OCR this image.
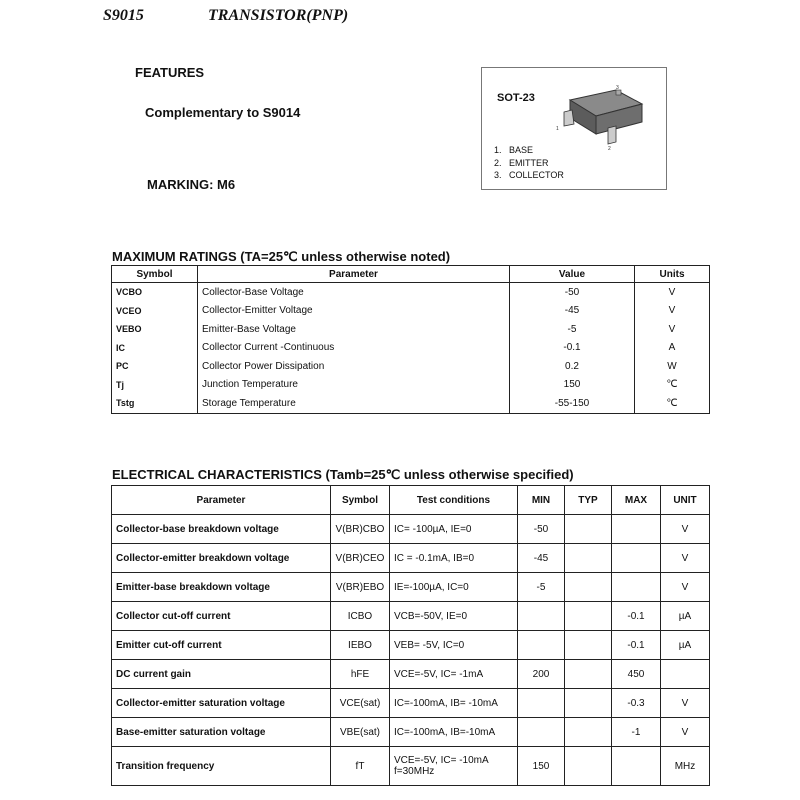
S9015	TRANSISTOR(PNP)
FEATURES
Complementary to S9014
MARKING: M6
SOT-23
3
1
2
1. BASE
2. EMITTER
3. COLLECTOR
MAXIMUM RATINGS (TA=25℃ unless otherwise noted)
Symbol	Parameter	Value	Units
VCBO	Collector-Base Voltage	-50	V
VCEO	Collector-Emitter Voltage	-45	V
VEBO	Emitter-Base Voltage	-5	V
IC	Collector Current -Continuous	-0.1	A
PC	Collector Power Dissipation	0.2	W
Tj	Junction Temperature	150	℃
Tstg	Storage Temperature	-55-150	℃
ELECTRICAL CHARACTERISTICS (Tamb=25℃ unless otherwise specified)
Parameter	Symbol	Test conditions	MIN	TYP	MAX	UNIT
Collector-base breakdown voltage	V(BR)CBO	IC= -100µA, IE=0	-50			V
Collector-emitter breakdown voltage	V(BR)CEO	IC = -0.1mA, IB=0	-45			V
Emitter-base breakdown voltage	V(BR)EBO	IE=-100µA, IC=0	-5			V
Collector cut-off current	ICBO	VCB=-50V, IE=0			-0.1	µA
Emitter cut-off current	IEBO	VEB= -5V, IC=0			-0.1	µA
DC current gain	hFE	VCE=-5V, IC= -1mA	200		450	
Collector-emitter saturation voltage	VCE(sat)	IC=-100mA, IB= -10mA			-0.3	V
Base-emitter saturation voltage	VBE(sat)	IC=-100mA, IB=-10mA			-1	V
Transition frequency	fT	VCE=-5V, IC= -10mA f=30MHz	150			MHz
